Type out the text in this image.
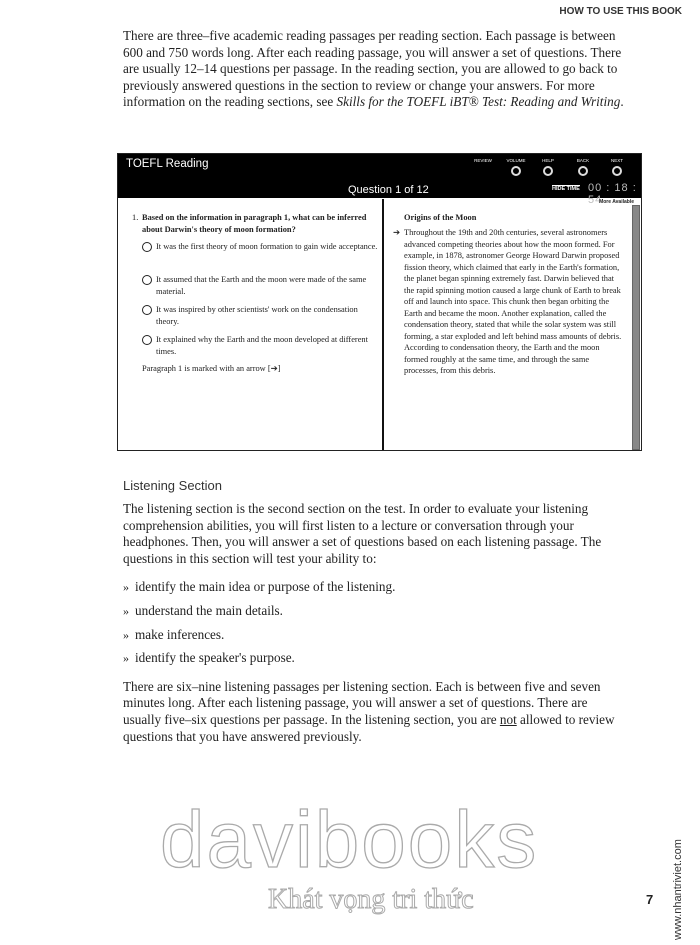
HOW TO USE THIS BOOK
There are three–five academic reading passages per reading section. Each passage is between 600 and 750 words long. After each reading passage, you will answer a set of questions. There are usually 12–14 questions per passage. In the reading section, you are allowed to go back to previously answered questions in the section to review or change your answers. For more information on the reading sections, see Skills for the TOEFL iBT® Test: Reading and Writing.
TOEFL Reading	REVIEW	VOLUME	HELP	BACK	NEXT
Question 1 of 12	HIDE TIME 00 : 18 : 54
1. Based on the information in paragraph 1, what can be inferred about Darwin's theory of moon formation?
It was the first theory of moon formation to gain wide acceptance.
It assumed that the Earth and the moon were made of the same material.
It was inspired by other scientists' work on the condensation theory.
It explained why the Earth and the moon developed at different times.
Paragraph 1 is marked with an arrow [➔]
More Available
Origins of the Moon
➔ Throughout the 19th and 20th centuries, several astronomers advanced competing theories about how the moon formed. For example, in 1878, astronomer George Howard Darwin proposed fission theory, which claimed that early in the Earth's formation, the planet began spinning extremely fast. Darwin believed that the rapid spinning motion caused a large chunk of Earth to break off and launch into space. This chunk then began orbiting the Earth and became the moon. Another explanation, called the condensation theory, stated that while the solar system was still forming, a star exploded and left behind mass amounts of debris. According to condensation theory, the Earth and the moon formed roughly at the same time, and through the same processes, from this debris.
Listening Section
The listening section is the second section on the test. In order to evaluate your listening comprehension abilities, you will first listen to a lecture or conversation through your headphones. Then, you will answer a set of questions based on each listening passage. The questions in this section will test your ability to:
» identify the main idea or purpose of the listening.
» understand the main details.
» make inferences.
» identify the speaker's purpose.
There are six–nine listening passages per listening section. Each is between five and seven minutes long. After each listening passage, you will answer a set of questions. There are usually five–six questions per passage. In the listening section, you are not allowed to review questions that you have answered previously.
davibooks
Khát vọng tri thức	www.nhantriviet.com
7
